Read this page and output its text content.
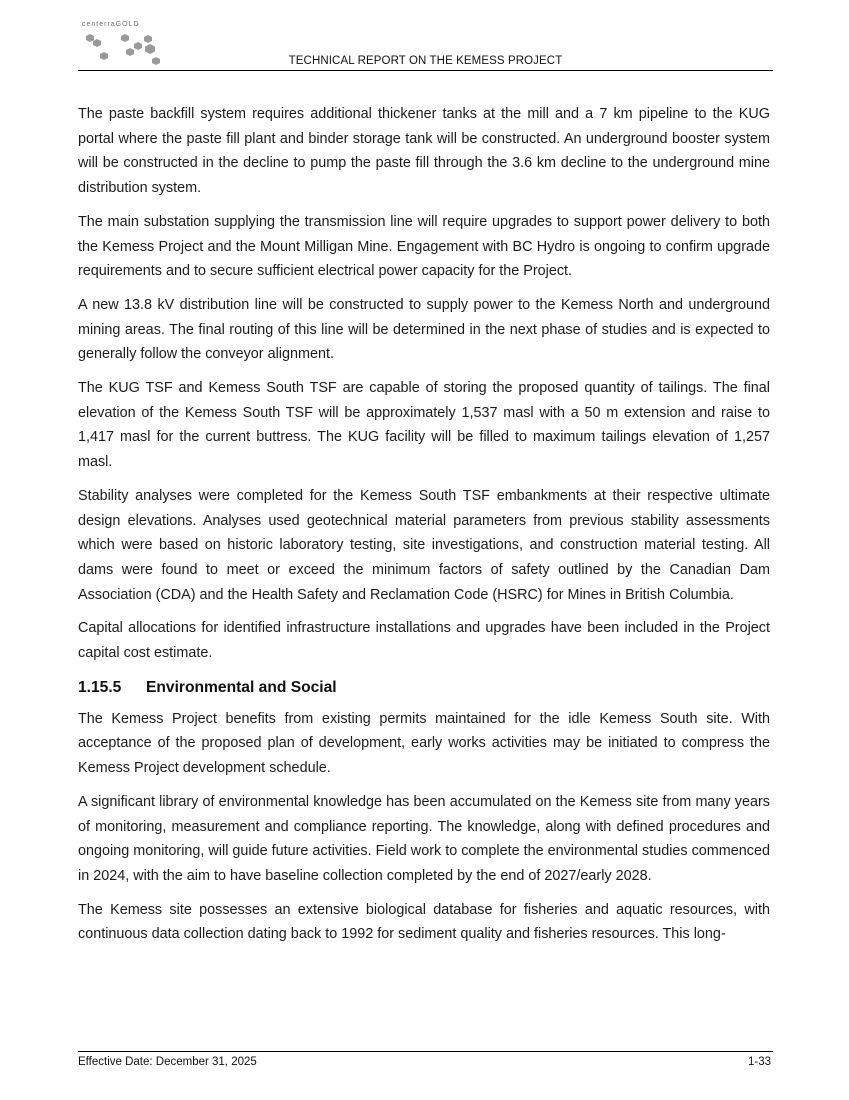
centerraGOLD
TECHNICAL REPORT ON THE KEMESS PROJECT

The paste backfill system requires additional thickener tanks at the mill and a 7 km pipeline to the KUG portal where the paste fill plant and binder storage tank will be constructed. An underground booster system will be constructed in the decline to pump the paste fill through the 3.6 km decline to the underground mine distribution system.

The main substation supplying the transmission line will require upgrades to support power delivery to both the Kemess Project and the Mount Milligan Mine. Engagement with BC Hydro is ongoing to confirm upgrade requirements and to secure sufficient electrical power capacity for the Project.

A new 13.8 kV distribution line will be constructed to supply power to the Kemess North and underground mining areas. The final routing of this line will be determined in the next phase of studies and is expected to generally follow the conveyor alignment.

The KUG TSF and Kemess South TSF are capable of storing the proposed quantity of tailings. The final elevation of the Kemess South TSF will be approximately 1,537 masl with a 50 m extension and raise to 1,417 masl for the current buttress. The KUG facility will be filled to maximum tailings elevation of 1,257 masl.

Stability analyses were completed for the Kemess South TSF embankments at their respective ultimate design elevations. Analyses used geotechnical material parameters from previous stability assessments which were based on historic laboratory testing, site investigations, and construction material testing. All dams were found to meet or exceed the minimum factors of safety outlined by the Canadian Dam Association (CDA) and the Health Safety and Reclamation Code (HSRC) for Mines in British Columbia.

Capital allocations for identified infrastructure installations and upgrades have been included in the Project capital cost estimate.

1.15.5 Environmental and Social

The Kemess Project benefits from existing permits maintained for the idle Kemess South site. With acceptance of the proposed plan of development, early works activities may be initiated to compress the Kemess Project development schedule.

A significant library of environmental knowledge has been accumulated on the Kemess site from many years of monitoring, measurement and compliance reporting. The knowledge, along with defined procedures and ongoing monitoring, will guide future activities. Field work to complete the environmental studies commenced in 2024, with the aim to have baseline collection completed by the end of 2027/early 2028.

The Kemess site possesses an extensive biological database for fisheries and aquatic resources, with continuous data collection dating back to 1992 for sediment quality and fisheries resources. This long-

Effective Date: December 31, 2025	1-33
